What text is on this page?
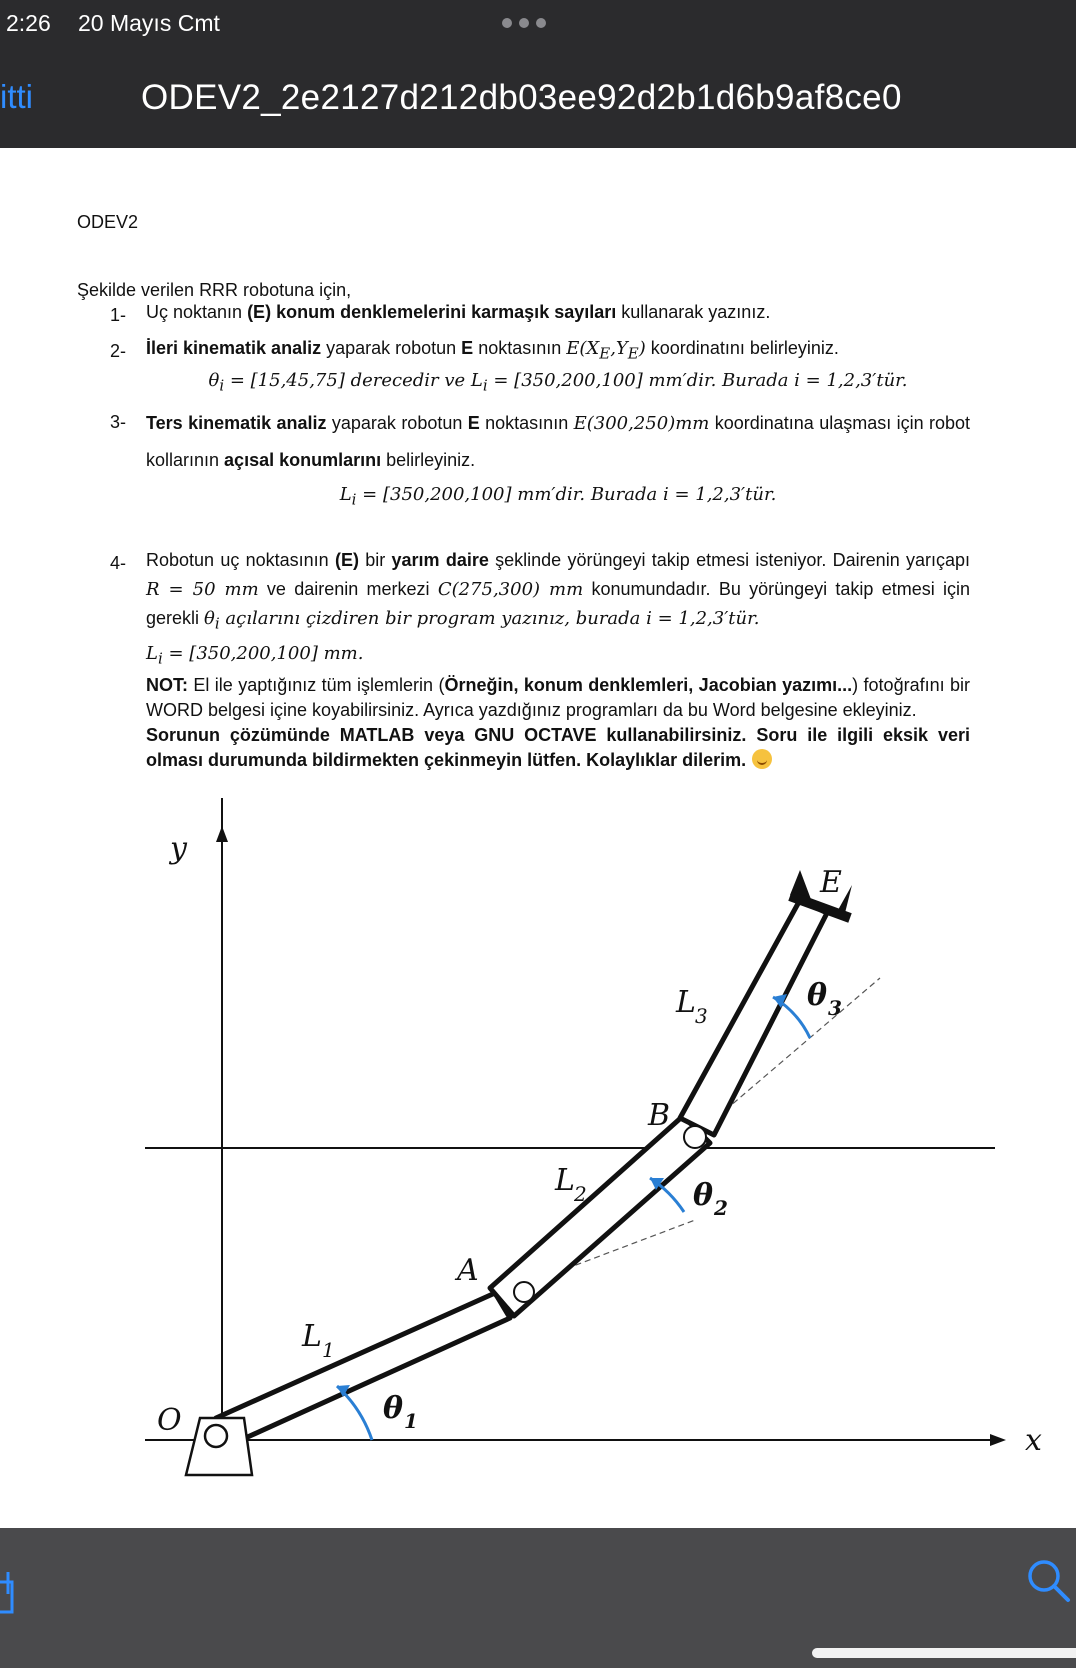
2:26 20 Mayıs Cmt
itti	ODEV2_2e2127d212db03ee92d2b1d6b9af8ce0
ODEV2
Şekilde verilen RRR robotuna için,
1- Uç noktanın (E) konum denklemelerini karmaşık sayıları kullanarak yazınız.
2- İleri kinematik analiz yaparak robotun E noktasının $E(X_E,Y_E)$ koordinatını belirleyiniz.
$\theta_i = [15,45,75]$ derecedir ve $L_i = [350,200,100]$ mm′dir. Burada i = 1,2,3′tür.
3- Ters kinematik analiz yaparak robotun E noktasının E(300,250)mm koordinatına ulaşması için robot kollarının açısal konumlarını belirleyiniz.
$L_i = [350,200,100]$ mm′dir. Burada i = 1,2,3′tür.
4- Robotun uç noktasının (E) bir yarım daire şeklinde yörüngeyi takip etmesi isteniyor. Dairenin yarıçapı R = 50 mm ve dairenin merkezi C(275,300) mm konumundadır. Bu yörüngeyi takip etmesi için gerekli $\theta_i$ açılarını çizdiren bir program yazınız, burada i = 1,2,3′tür.
$L_i = [350,200,100]$ mm.
NOT: El ile yaptığınız tüm işlemlerin (Örneğin, konum denklemleri, Jacobian yazımı...) fotoğrafını bir WORD belgesi içine koyabilirsiniz. Ayrıca yazdığınız programları da bu Word belgesine ekleyiniz.
Sorunun çözümünde MATLAB veya GNU OCTAVE kullanabilirsiniz. Soru ile ilgili eksik veri olması durumunda bildirmekten çekinmeyin lütfen. Kolaylıklar dilerim.
y
x
O
A
B
E
L 1
L 2
L 3
θ 1
θ 2
θ 3
